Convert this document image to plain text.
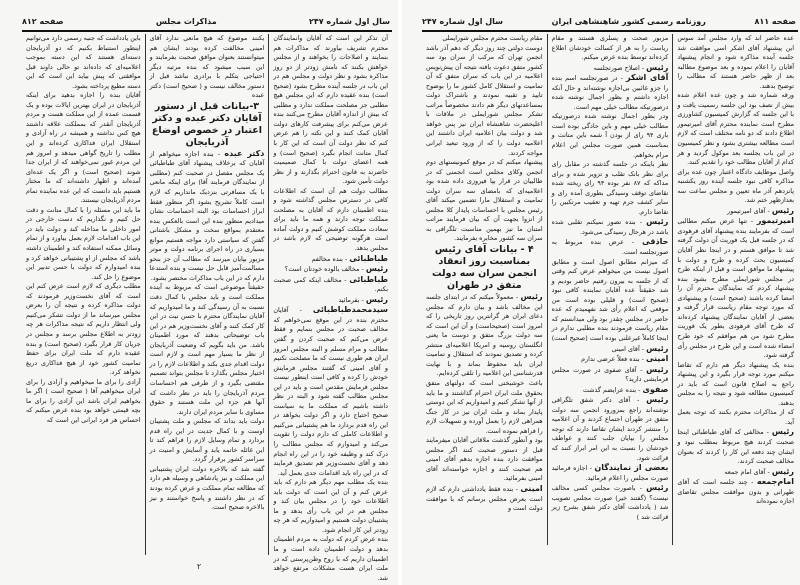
سال اول شماره ۲۴۷
مذاکرات مجلس
صفحه ۸۱۲

آن تذکر این است که آقایان وانمایندگان محترم تشریف بیاورند که مذاکرات هم بنمایند و اصلاحات را بخواهند و از مجلس خواهش بکنند که نامش زودتر از دو روز مذاکره بشود و نظر دولت و مجلس هم در این باب در جلسه آینده مطرح بشود (صحیح است) بنده عقیده دارم که این مجلس هیچ مطلبی جز مصلحت مملکت ندارد و مطلبی که بیش از اندازه آقایان مطرح می‌کنند بنده عرض می‌کنم برای پیشرفت کارهای دولت آقایان کمک کنند و این نکته را هم عرض کنم که نظر دولت آن است که این کار با کمال متانت انجام بگیرد (صحیح است) و همه اعضای دولت با کمال صمیمیت حاضرند به قانون احترام بگذارند و از نظر دولت تأمین شود.

مطالب دولت هم آن است که اطلاعات کافی در دسترس مجلس گذاشته شود و بنده اطمینان دارم که آقایان به مصلحت مملکت توجه دارند و همه ما باید برای سعادت مملکت کوشش کنیم و دولت آماده است هرگونه توضیحی که لازم باشد در مجلس بدهد.

طباطبائی - بنده مخالفم

رئیس - مخالف بالوده خودتان است؟

طباطبائی - مخالف اینکه کمی صحبت بکنم.

رئیس - بفرمائید

سیدمحمدطباطبائی - آقایان محترم بنده در این موقع نمی‌خواهم که مخالف صحبت در مجلس بنمایم و فقط عرض می‌کنم که صحبت کردن و گفتن مطالب و مرام مسلم و البته مجلس امروز ایران هم طوری نیست که ما مصلحت نکنیم و آقای امینی که گفتند مجلس فرمایش خودش را کرده و کافی است اینطور نیست مجلس فرمایش مقدس است و باید در این مجلس مطالب گفته شود و البته در نظر داشته باشیم که مملکت ما به سیاست صحیح احتیاج دارد و اگر دولت بخواهد در این راه قدم بردارد ما هم پشتیبانی می‌کنیم و اطلاعات کاملی که دارم دولت را تقویت می‌کند و امیدوارم که مجلس مطالب را درک کند و وظیفه خود را در این راه انجام دهد و آقای نخست‌وزیر هم تصدیق فرمایند که در این راه باید اقدامات جدی بعمل آید.

بنده یک مطلب مهم دیگر هم دارم که باید عرض کنم و آن این است که دولت باید اطلاعات خود را در مجلس بیان کند و مجلس هم در این باب رأی بدهد و ما پشتیبان دولت هستیم و امیدواریم که هر چه زودتر این کار انجام شود.

بنده عرض کردم که دولت به مردم اطمینان بدهد و دولت اطمینان داده است و ما اطمینان داریم که با روح وطن‌پرستی که در ملت ایران هست مشکلات مرتفع خواهد شد.

بکنند موضوع که هیچ مانعی ندارد آقای امینی مخالفت کرده بودند ایشان هم میتوانستند بعنوان موافق صحبت بفرمایند و این سبب میشود که بنده مرتبه دیگر احتیاجی بتکلم با برادری نباشد قبل از دستور مخالف نیست و ( صحیح است) دکتر عبده

۳-بیانات قبل از دستور آقایان دکتر عبده و دکتر اعتبار در خصوص اوضاع آذربایجان

دکتر عبده - بنده اجازه میخواهم از آقایان که برخلاف پیشنهاد آقای طباطبائی یک مجلس مفصل در صحبت کنم (مطلبی از نمایندگان فرمایند آقا) برای اینکه مانعی با یک مسافرتی بنزدیک مانداریم که لازم است کاملاً تشریح بشود اگر منظور فقط ابراز احساسات بود البته احساسات نشان میدادیم منظور بنده این است بالعکس بنده معتقدم بمواقع سخت و مشکل باشتانی گفتن که سیاستی دارد مواجه هستیم موانع بسیاری در راه اجرای برنامه دولت و موتر مزبور بپایان میرسد که مطالب آن جز بنحو مسالمت‌آمیز قابل حل نیست و بنده استدعا دارم که در این باب مذاکرات مختصر بشود.

حقیقتاً موضوعی است که مربوط به آینده مملکت است و باید مجلس با کمال دقت نسبت به آن رسیدگی کند و ما امیدواریم که آقایان نمایندگان محترم با حسن نیت در این کار کمک کنند و آقای نخست‌وزیر هم در این باب توضیحاتی بدهند که مورد اطمینان باشد. من باید بگویم که وضعیت آذربایجان از نظر ما بسیار مهم است و لازم است دولت اقدام جدی بکند و اطلاعات لازم را در اختیار مجلس بگذارد تا مجلس بتواند تصمیم مقتضی بگیرد و از طرفی هم احساسات مردم آذربایجان را باید در نظر داشت که آنها هم جزء این ملت هستند و حقوق مساوی با سایر مردم ایران دارند.

دولت باید بداند که مجلس و ملت پشتیبان اوست و با کمال جدیت در این راه قدم بردارد و تمام وسایل لازم را فراهم کند تا این غائله خاتمه یابد و آسایش و امنیت در سراسر کشور برقرار گردد.

گفته شد که بالاخره دولت ایران پشتیبانی این مملکت و نیز پادشاهی و وسیله هم دارد که مطالعه تمام مملکت و عرض کرده بودند که در نظر داشتند و پاسخ خواستند و نیز بالاخره صحیح است.

باین یادداشت که جنبه رسمی دارد می‌توانیم اینطور استنباط بکنیم که دو آذربایجان دسته‌ای هستند که این دسته بموجب اعلامیه‌ای که داده‌اند تو حالی داوند قبل موافقتی که پیش بیاید این است که این دسته مطیع پرداخته بشود.

آقایان بنده را اجازه بدهید برای اینکه آذربایجان در ایران بهترین ایالات بوده و یک قسمت عمده از این مملکت هست و مردم آذربایجان آنقدر که بمملکت علاقه داشتند هیچ کس نداشته و همیشه در راه آزادی و استقلال ایران فداکاری کرده‌اند و این مطلب را تاریخ گواهی میدهد و امروز هم این مردم غیور نمی‌خواهند که از ایران جدا شوند (صحیح است) و اگر یک عده‌ای آمده‌اند و اظهار داشته‌اند که ما مختار هستیم باید دانست که این عده نماینده تمام مردم آذربایجان نیستند.

ما باید این مسئله را با کمال متانت و دقت حل کنیم و نگذاریم که دست خارجی در امور داخلی ما مداخله کند و دولت باید در این باب اقدامات لازم بعمل بیاورد و از تمام وسائل ممکنه استفاده کند و اطمینان داشته باشد که مجلس از او پشتیبانی خواهد کرد و بنده امیدوارم که دولت با حسن تدبیر این موضوع را حل کند.

مطلب دیگری که لازم است عرض کنم این است که آقای نخست‌وزیر فرمودند که دولت مذاکره کرده و نتیجه آن را بعرض مجلس میرساند ما از دولت تشکر می‌کنیم ولی انتظار داریم که نتیجه مذاکرات هر چه زودتر به اطلاع مجلس برسد و مجلس در جریان کار قرار بگیرد (صحیح است) و بنده عقیده دارم که ملت ایران برای حفظ تمامیت کشور خود از هیچ فداکاری دریغ نخواهد کرد.

آزادی را برای ما میخواهیم و آزادی را برای ایران میخواهیم آقا ( صحیح است ) اگر ما بخواهیم ایران باشد این آزادی را برای ما بچه قیمتی خواهد بود بنده عرض میکنم که احساس هر فرد ایرانی این است که

۲
صفحه ۸۱۱
روزنامه رسمی کشور شاهنشاهی ایران
سال اول شماره ۲۴۷

عده حاضر اند که وارد مجلس آمد سوس این پیشنهاد آقای اشکر اسی موافقت شد جلسه آینده مذاکره شود و انجام پیشنهاد آقایان را اعلام نموده و بعد موضوع مطالبه بعد از ظهر حاضر هستند که مطالب را توضیح بدهند.

ورقه شماره شد و چون عده اعلام شده بیش از نصف بود این جلسه رسمیت یافت و با این جلسه که گزارش کمیسیون کشاورزی مطرح است نماینده محترم آقای امیرتیمور اطلاع دادند که دو نامه مختلف است که لازم است مطالعه بیشتری بشود و نظر کمیسیون در این باب بجلسه بعد موکول گردید و هر کدام از آقایان مطالب خود را تقدیم کنند.

واصل موظایف دادگاه اعتبار چون عده برای مذاکره کافی نبود جلسه آینده روز یکشنبه پانزدهم آذر ماه تعیین و مجلس ساعت سه بعدازظهر ختم شد.

رئیس - آقای امیرتیمور

امیرتیمور - تنها عرض میکنم مطالبی است که بفرمایند بنده پیشنهاد آقای فرهودی که در جلسه قبل یک فوریت آن دولت گرفته شد تا موافق هستم و در اینجا نظر آقایان کمیسیون بحث کرده و طرح و دولت با پیشنهاد ما موافق است و قبل از اینکه طرح در مجلس شورایملی مطرح بشود بنده پیشنهاد کردم که نمایندگان محترم آن را امضا کرده باشند (صحیح است) و پیشنهادی که مورد توجه مقام ریاست قرار گرفته و بعضی از آقایان نمایندگان پیشنهاد کرده‌اند که طرح آقای فرهودی بطور یک فوریت مطرح شود من هم موافقم که خود طرح امضاء شده است و این طرح در مجلس رأی گرفته شود.

بنده یک پیشنهاد دیگر هم دارم که تقاضا میکنم مورد توجه قرار بگیرد و این پیشنهاد راجع به اصلاح قانون است که باید در کمیسیون مطالعه شود و نتیجه را به مجلس بدهند.

که از مذاکرات محترم بکنند که توجه بعمل آید.

رئیس - مخالفی که آقای طباطبائی اینجا صحبت کردند هیچ مربوط بمطلب نبود و ایشان چند دفعه این کار را کردند که بعنوان مخالف صحبت کردند.

رئیس - آقای امام جمعه

امام‌جمعه - چند جلسه است که آقای طهرانی و بدون موافقت مجلس تقاضای اجازه نموده‌اند

مزبور صحت و پسلری هستند و مقام ریاست را به هر از کسالت خودشان اطلاع کرده‌اند توسط بنده عرض میکنم.

رئیس - اصلاح صورتجلسه

آقای اشکر - در صورتجلسه اسم بنده را جزو غائبین بی‌اجازه نوشته‌اند و حال آنکه اجازه داشتم و بطور اجمال نوشته شده درصورتیکه مطالب خیلی مهم است.

ودر بطور اجمال نوشته شده درصورتیکه مطالب خیلی مهم و باین حادگی بوده است باری ۹۴ رای از بودن آ شمه باین متانت و بمناسبت همین صورت مجلس این اعلام مرام بخواهم.

نظر باینکه در جلسه گذشته در مقابل رای برای نظر بانک تقلب و تزویر شده و برای مداکه که ۸۷ نفر بوده ۹۴ رای ریخته شده تقاضای توقف وسیدگی بطوری آمده رای و سایر کشف جرم تهیه و تعقیب مرتکبین را تقاضا دارم.

رئیس - بنده تصور نمیکنم تقلبی شده باشد در هرحال رسیدگی می‌شود.

حاذقی - عرض بنده مربوط به صورتجلسه است.

که میزانم مطابق اصول است و مطابق اصول نیست من میخواهم عرض کنم وقتی که از جلسه به بیرون رفتیم حاضر بودیم و شد حقیقتاً عده آقایان نماینده کافی نبود (صحیح است) و قلیلی بوده است من موقعی که اعلام رأی شد نفهمیدم که عده حاضر در مجلس چقدر بود ولی میدانستم که مقام ریاست فرمودند بنده مطلبی ندارم در اینجا کاملاً غیرعلنی بوده است (صحیح است)

رئیس - آقای امینی

امینی - بنده فعلاً عرضی ندارم

رئیس - آقای صفوی در صورت مجلس فرمایشی دارید؟

صفوی - بنده عرایضم گذشت

رئیس - آقای دکتر شفق تلگرافی نوشته‌اند راجع بمزورود انجمن سه دولت متفق در طهران اجتماع کردند و آن اعلامیه را منتشر کردند ایشان تقاضا دارند که توجه مجلس را بپایان جلب کنند و عواطف خودشان را نسبت به این امر ابراز کنند که قرائت شود.

بعضی از نمایندگان - اجازه فرمائید صورت مجلس را اعلام فرمائید.

رئیس - باصورت مجلس کسی مخالف نیست؟ (گفتند خیر) صورت مجلس تصویب شد ( یادداشت آقای دکتر شفق بشرح زیر قرائت شد )

مقام ریاست محترم مجلس شورایملی

دوست دولتی چند روز دیگر که دهم آذر باشد انجمن تهران که مرکب از سران بود سه کشور متفق دعوت یافته نتیجه آن پیش‌نویس اعلامیه در این باب که سران متفق که آن تمامیت و استقلال کامل کشور ما را بوضوح تایید و تقبیه نمودند و باشتراک دولت بمساعدتهای دیگر هم دادند مخصوصاً مراتب تشکر مجلس شورایملی در ملاقات با اعلیحضرت شاهنشاه ایران نیز پس خواهد شد و دولت بیان اعلامیه ایران داشتند این اعلامیه دولت را که از ورود تبعید ایرانی مواجه کردند.

پیشنهاد میکنم که در موقع کمونیستهای دوم انجمن وکلای مجلس است انجمنی که در طالبیان در قرار بپا فیروزی داده شده بود اعلامیه‌ای که بامضای سه سران دولت تمامیت و استقلال مارا تضمین میکند آقای رئیس مجلس با احساسات پایدار کلا مجلس از انزوا بجهت آن که بیان فرمایند مراتب امتنان ما نیز بهمین مناسبت تلگرافی به سران سه کشور مخابره بفرمایند.

۴ - بیانات آقای رئیس بمناسبت روز انعقاد انجمن سران سه دولت متفق در طهران

رئیس - معمولاً میکنم که در ابتدای جلسه این مخالف باشد و بیان دارم که مجلس دعای ایران هر گرانترین روز تاریخی را که امروز است (صحیحاست) و آن این است که سه دولت بزرگ متفق و دوست ما یعنی انگلستان روسیه و امریکا اعلامیه‌ای منتشر کرده و تصدیق نمودند که استقلال و تمامیت ایران باید محفوظ بماند و با نهایت قدرشناسی این اعلامیه را تلقی کرده‌ایم.

باعث خوشبختی است که دولتهای متفق بحقوق ملت ایران احترام گذاشتند و ما باید از آنها تشکر کنیم و امیدواریم که این دوستی پایدار بماند و ملت ایران نیز در کار جنگ همراهی لازم را بعمل آورده و تسهیلات لازم را فراهم نموده است.

بود و آنطور گذشت ملاقاتی آقایان میفرمایند قبل از دستور صحبت کنند اگر مجلس موافقت دارد بنده اجازه بدهم آقای امینی هم صحبت کنند و اجازه خواسته‌اند آقای امینی بفرمائید.

امینی - بنده فقط یادداشتی دارم که لازم است بعرض مجلس برسانم که با موافقت دولت است و
